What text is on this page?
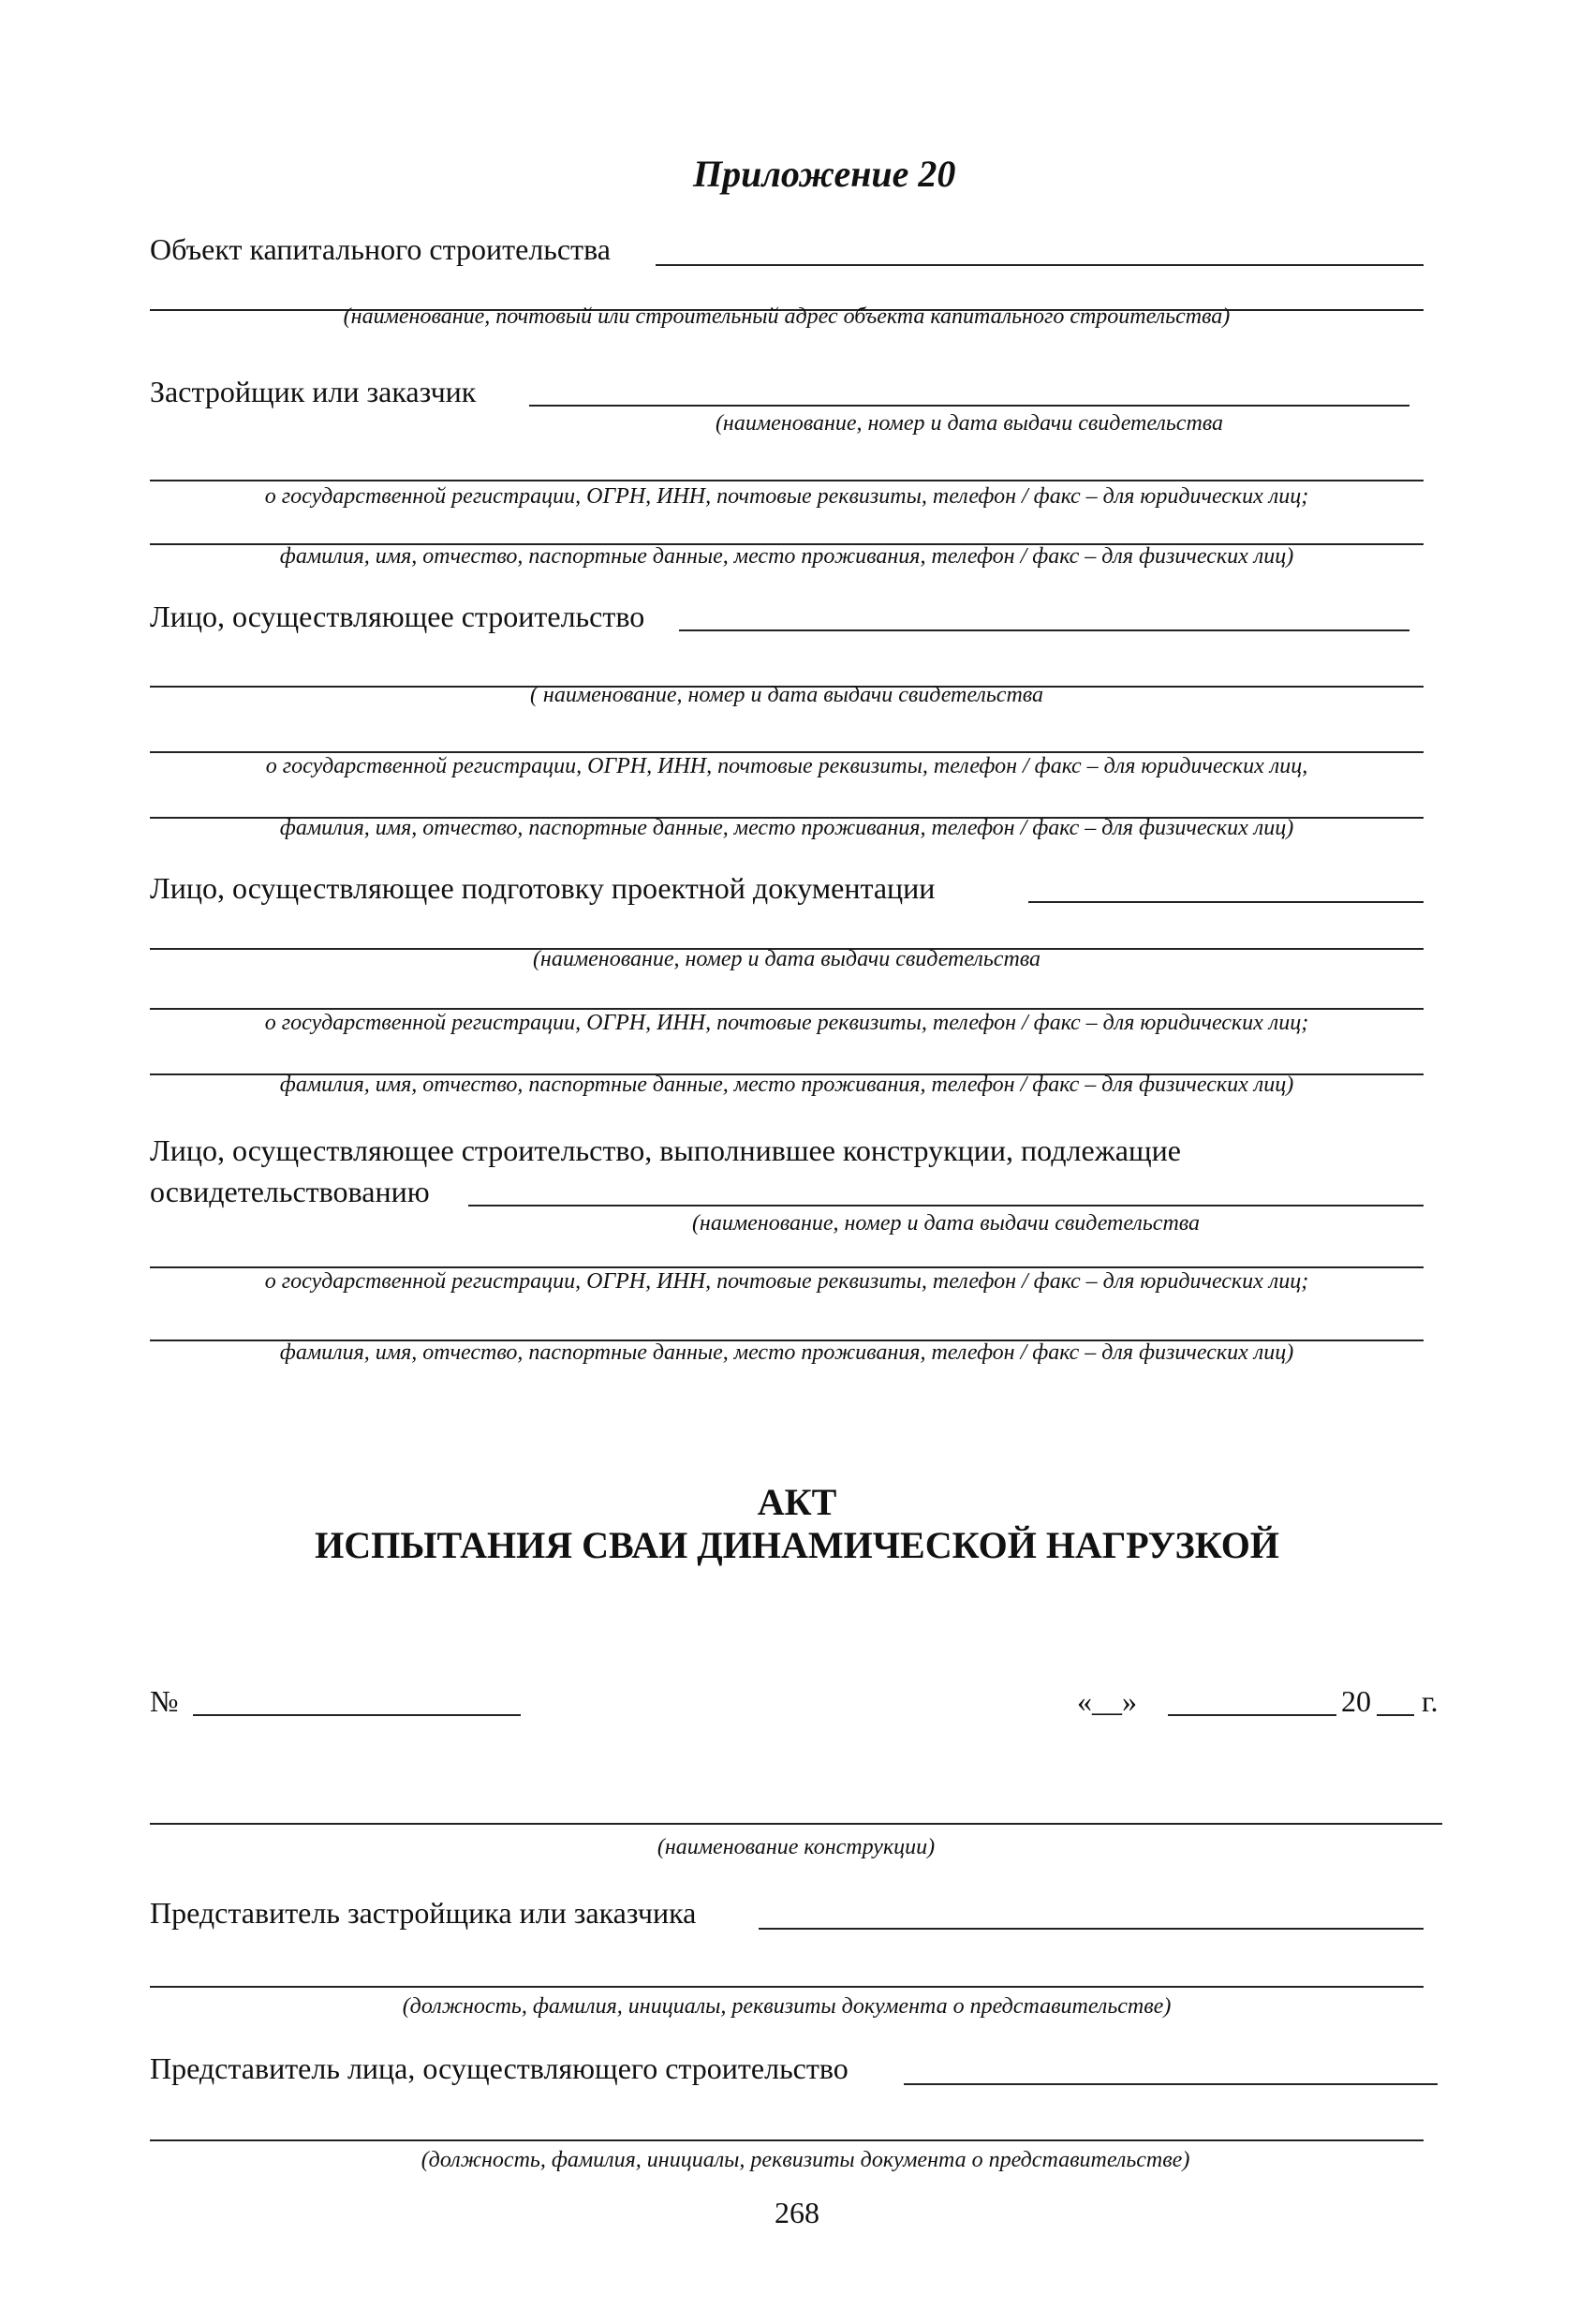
Приложение 20
Объект капитального строительства
(наименование, почтовый или строительный адрес объекта капитального строительства)
Застройщик или заказчик
(наименование, номер и дата выдачи свидетельства
о государственной регистрации, ОГРН, ИНН, почтовые реквизиты, телефон / факс – для юридических лиц;
фамилия, имя, отчество, паспортные данные, место проживания, телефон / факс – для физических лиц)
Лицо, осуществляющее строительство
( наименование, номер и дата выдачи свидетельства
о государственной регистрации, ОГРН, ИНН, почтовые реквизиты, телефон / факс – для юридических лиц,
фамилия, имя, отчество, паспортные данные, место проживания, телефон / факс – для физических лиц)
Лицо, осуществляющее подготовку проектной документации
(наименование, номер и дата выдачи свидетельства
о государственной регистрации, ОГРН, ИНН, почтовые реквизиты, телефон / факс – для юридических лиц;
фамилия, имя, отчество, паспортные данные, место проживания, телефон / факс – для физических лиц)
Лицо, осуществляющее строительство, выполнившее конструкции, подлежащие
освидетельствованию
(наименование, номер и дата выдачи свидетельства
о государственной регистрации, ОГРН, ИНН, почтовые реквизиты, телефон / факс – для юридических лиц;
фамилия, имя, отчество, паспортные данные, место проживания, телефон / факс – для физических лиц)
АКТ
ИСПЫТАНИЯ СВАИ ДИНАМИЧЕСКОЙ НАГРУЗКОЙ
№	«__»	20 г.
(наименование конструкции)
Представитель застройщика или заказчика
(должность, фамилия, инициалы, реквизиты документа о представительстве)
Представитель лица, осуществляющего строительство
(должность, фамилия, инициалы, реквизиты документа о представительстве)
268
